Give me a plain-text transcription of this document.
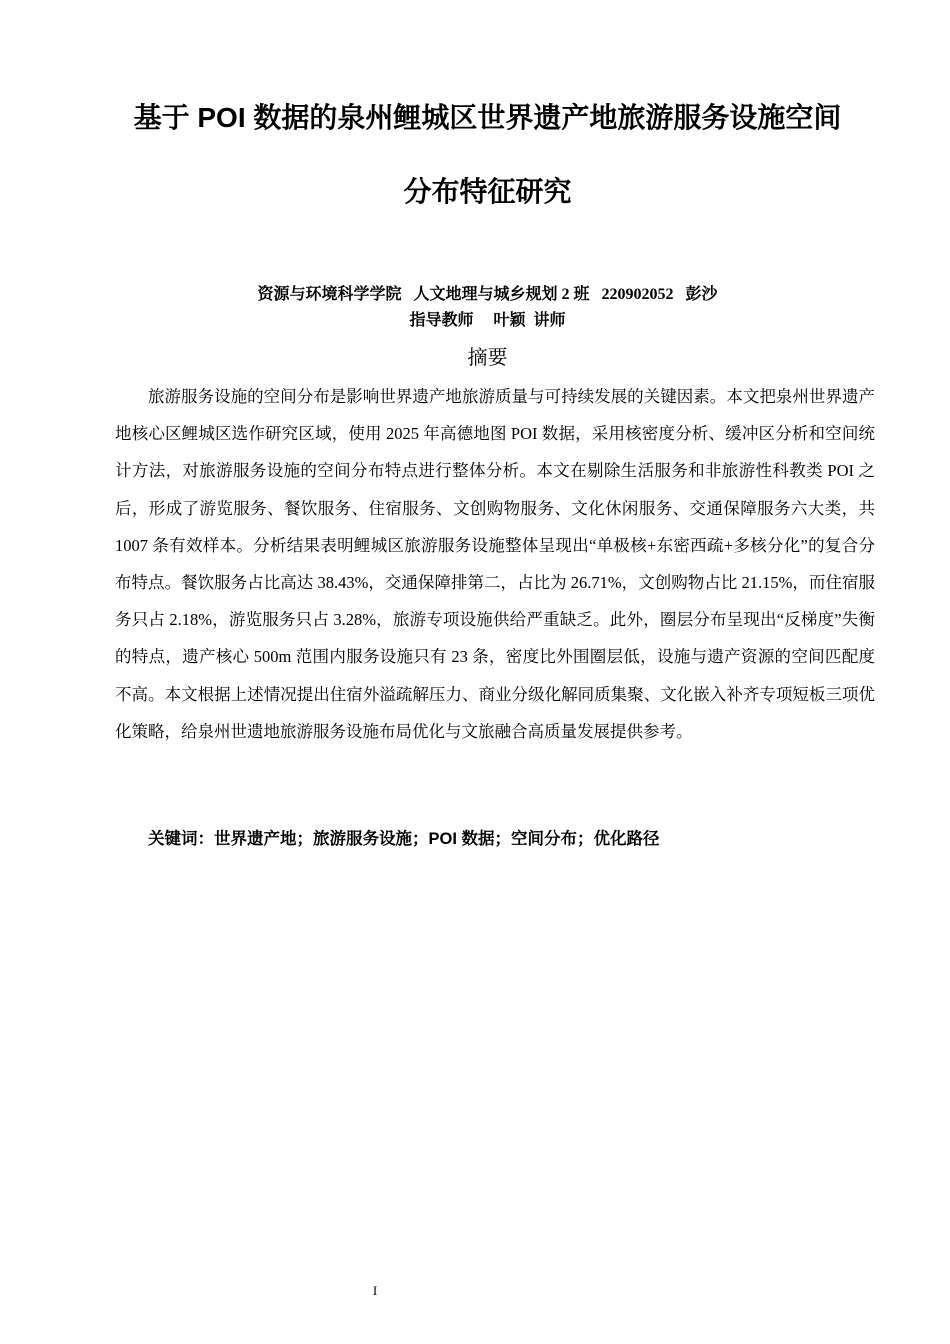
基于 POI 数据的泉州鲤城区世界遗产地旅游服务设施空间
分布特征研究
资源与环境科学学院   人文地理与城乡规划 2 班   220902052   彭沙
指导教师     叶颖  讲师
摘要

旅游服务设施的空间分布是影响世界遗产地旅游质量与可持续发展的关键因素。本文把泉州世界遗产地核心区鲤城区选作研究区域，使用 2025 年高德地图 POI 数据，采用核密度分析、缓冲区分析和空间统计方法，对旅游服务设施的空间分布特点进行整体分析。本文在剔除生活服务和非旅游性科教类 POI 之后，形成了游览服务、餐饮服务、住宿服务、文创购物服务、文化休闲服务、交通保障服务六大类，共 1007 条有效样本。分析结果表明鲤城区旅游服务设施整体呈现出“单极核+东密西疏+多核分化”的复合分布特点。餐饮服务占比高达 38.43%，交通保障排第二，占比为 26.71%，文创购物占比 21.15%，而住宿服务只占 2.18%，游览服务只占 3.28%，旅游专项设施供给严重缺乏。此外，圈层分布呈现出“反梯度”失衡的特点，遗产核心 500m 范围内服务设施只有 23 条，密度比外围圈层低，设施与遗产资源的空间匹配度不高。本文根据上述情况提出住宿外溢疏解压力、商业分级化解同质集聚、文化嵌入补齐专项短板三项优化策略，给泉州世遗地旅游服务设施布局优化与文旅融合高质量发展提供参考。

关键词：世界遗产地；旅游服务设施；POI 数据；空间分布；优化路径
I
